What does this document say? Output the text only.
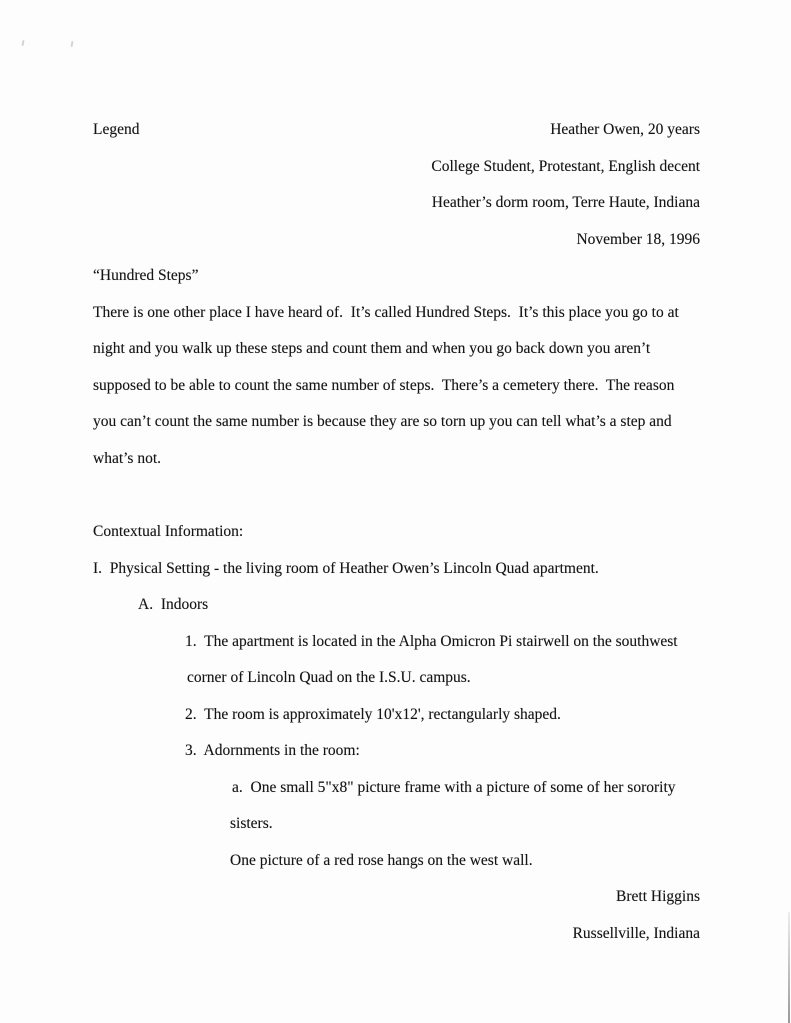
Legend	Heather Owen, 20 years
College Student, Protestant, English decent
Heather’s dorm room, Terre Haute, Indiana
November 18, 1996
“Hundred Steps”
There is one other place I have heard of.  It’s called Hundred Steps.  It’s this place you go to at
night and you walk up these steps and count them and when you go back down you aren’t
supposed to be able to count the same number of steps.  There’s a cemetery there.  The reason
you can’t count the same number is because they are so torn up you can tell what’s a step and
what’s not.
Contextual Information:
I.  Physical Setting - the living room of Heather Owen’s Lincoln Quad apartment.
A.  Indoors
1.  The apartment is located in the Alpha Omicron Pi stairwell on the southwest
corner of Lincoln Quad on the I.S.U. campus.
2.  The room is approximately 10'x12', rectangularly shaped.
3.  Adornments in the room:
a.  One small 5"x8" picture frame with a picture of some of her sorority
sisters.
One picture of a red rose hangs on the west wall.
Brett Higgins
Russellville, Indiana
